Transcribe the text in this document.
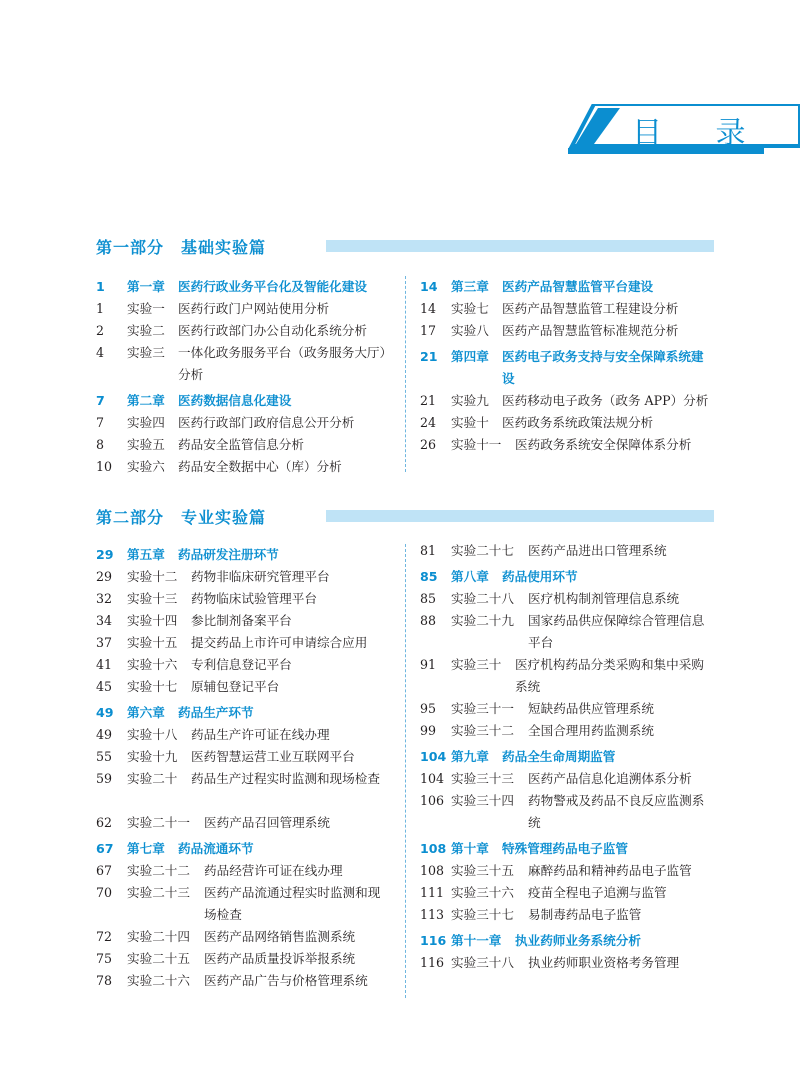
目 录
第一部分　基础实验篇
1 第一章 医药行政业务平台化及智能化建设
1 实验一 医药行政门户网站使用分析
2 实验二 医药行政部门办公自动化系统分析
4 实验三 一体化政务服务平台（政务服务大厅）分析
7 第二章 医药数据信息化建设
7 实验四 医药行政部门政府信息公开分析
8 实验五 药品安全监管信息分析
10 实验六 药品安全数据中心（库）分析
14 第三章 医药产品智慧监管平台建设
14 实验七 医药产品智慧监管工程建设分析
17 实验八 医药产品智慧监管标准规范分析
21 第四章 医药电子政务支持与安全保障系统建设
21 实验九 医药移动电子政务（政务 APP）分析
24 实验十 医药政务系统政策法规分析
26 实验十一 医药政务系统安全保障体系分析
第二部分　专业实验篇
29 第五章 药品研发注册环节
29 实验十二 药物非临床研究管理平台
32 实验十三 药物临床试验管理平台
34 实验十四 参比制剂备案平台
37 实验十五 提交药品上市许可申请综合应用
41 实验十六 专利信息登记平台
45 实验十七 原辅包登记平台
49 第六章 药品生产环节
49 实验十八 药品生产许可证在线办理
55 实验十九 医药智慧运营工业互联网平台
59 实验二十 药品生产过程实时监测和现场检查
62 实验二十一 医药产品召回管理系统
67 第七章 药品流通环节
67 实验二十二 药品经营许可证在线办理
70 实验二十三 医药产品流通过程实时监测和现场检查
72 实验二十四 医药产品网络销售监测系统
75 实验二十五 医药产品质量投诉举报系统
78 实验二十六 医药产品广告与价格管理系统
81 实验二十七 医药产品进出口管理系统
85 第八章 药品使用环节
85 实验二十八 医疗机构制剂管理信息系统
88 实验二十九 国家药品供应保障综合管理信息平台
91 实验三十 医疗机构药品分类采购和集中采购系统
95 实验三十一 短缺药品供应管理系统
99 实验三十二 全国合理用药监测系统
104 第九章 药品全生命周期监管
104 实验三十三 医药产品信息化追溯体系分析
106 实验三十四 药物警戒及药品不良反应监测系统
108 第十章 特殊管理药品电子监管
108 实验三十五 麻醉药品和精神药品电子监管
111 实验三十六 疫苗全程电子追溯与监管
113 实验三十七 易制毒药品电子监管
116 第十一章 执业药师业务系统分析
116 实验三十八 执业药师职业资格考务管理
